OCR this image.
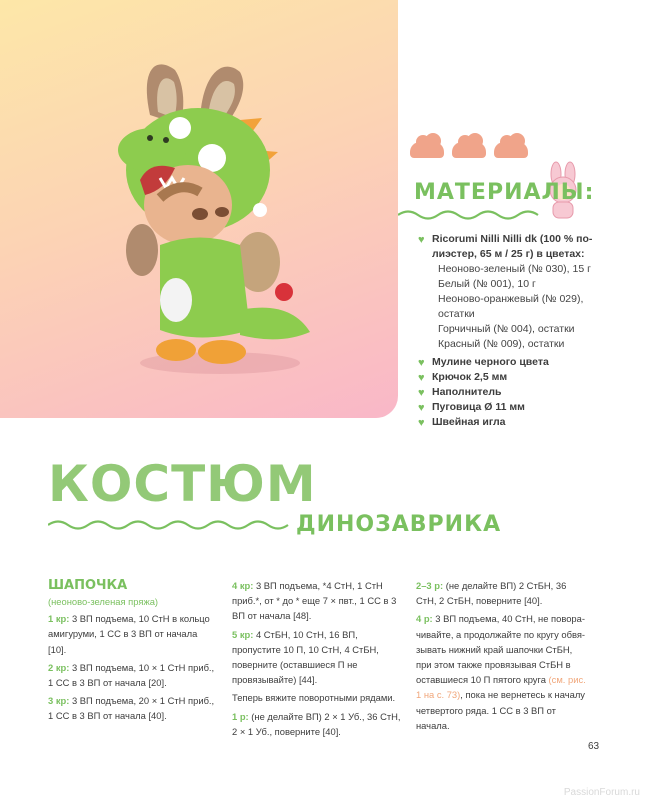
МАТЕРИАЛЫ:
♥ Ricorumi Nilli Nilli dk (100 % полиэстер, 65 м / 25 г) в цветах:
Неоново-зеленый (№ 030), 15 г
Белый (№ 001), 10 г
Неоново-оранжевый (№ 029), остатки
Горчичный (№ 004), остатки
Красный (№ 009), остатки
♥ Мулине черного цвета
♥ Крючок 2,5 мм
♥ Наполнитель
♥ Пуговица Ø 11 мм
♥ Швейная игла
КОСТЮМ
ДИНОЗАВРИКА
ШАПОЧКА
(неоново-зеленая пряжа)
1 кр: 3 ВП подъема, 10 СтН в кольцо амигуруми, 1 СС в 3 ВП от начала [10].
2 кр: 3 ВП подъема, 10 × 1 СтН приб., 1 СС в 3 ВП от начала [20].
3 кр: 3 ВП подъема, 20 × 1 СтН приб., 1 СС в 3 ВП от начала [40].
4 кр: 3 ВП подъема, *4 СтН, 1 СтН приб.*, от * до * еще 7 × пвт., 1 СС в 3 ВП от начала [48].
5 кр: 4 СтБН, 10 СтН, 16 ВП, пропустите 10 П, 10 СтН, 4 СтБН, поверните (оставшиеся П не провязывайте) [44].
Теперь вяжите поворотными рядами.
1 р: (не делайте ВП) 2 × 1 Уб., 36 СтН, 2 × 1 Уб., поверните [40].
2–3 р: (не делайте ВП) 2 СтБН, 36 СтН, 2 СтБН, поверните [40].
4 р: 3 ВП подъема, 40 СтН, не поворачивайте, а продолжайте по кругу обвязывать нижний край шапочки СтБН, при этом также провязывая СтБН в оставшиеся 10 П пятого круга (см. рис. 1 на с. 73), пока не вернетесь к началу четвертого ряда. 1 СС в 3 ВП от начала.
63
PassionForum.ru
